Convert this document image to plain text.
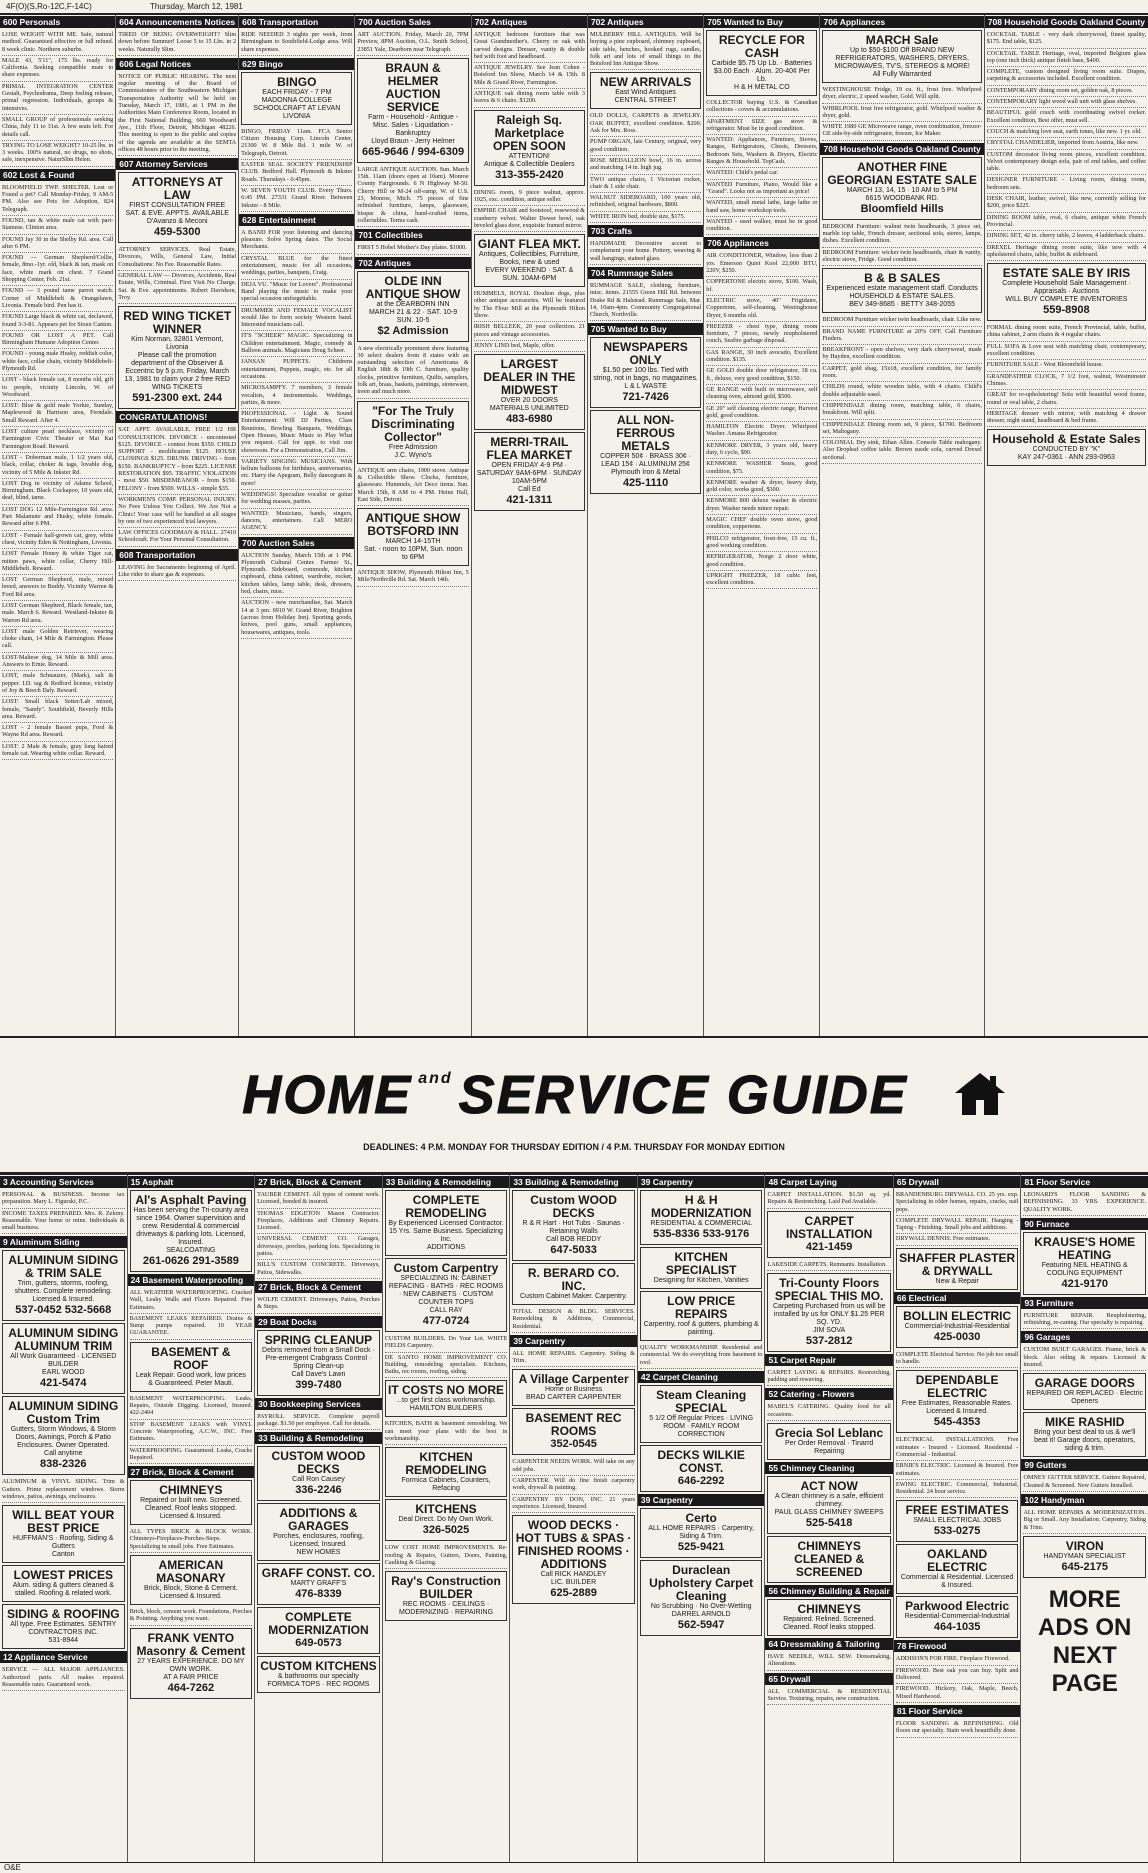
4F(O)(S,Ro-12C,F-14C)	Thursday, March 12, 1981
600 Personals
LOSE WEIGHT WITH ME. Safe, natural method. Guaranteed effective or full refund. 8 week clinic. Northern suburbs.
MALE 43, 5'11", 175 lbs. ready for California. Seeking compatible mate to share expenses.
PRIMAL INTEGRATION CENTER Gestalt, Psychodrama, Deep feeling release, primal regression. Individuals, groups & intensives.
SMALL GROUP of professionals seeking China, July 11 to 31st. A few seats left. For details call.
TRYING TO LOSE WEIGHT? 10-25 lbs. in 3 weeks. 100% natural, no drugs, no shots, safe, inexpensive. NaturSlim Helen.
602 Lost & Found
BLOOMFIELD TWP. SHELTER. Lost or Found a pet? Call Monday-Friday, 9 AM-5 PM. Also see Pets for Adoption, 824 Telegraph.
FOUND, tan & white male cat with part-Siamese. Clinton area.
FOUND Jay 30 in the Shelby Rd. area. Call after 6 PM.
FOUND — German Shepherd/Collie, female, 8mo.-1yr. old, black & tan, mask on face, white mark on chest. 7 Grand Shopping Center, Feb. 21st.
FOUND — 3 pound tame parrot watch. Corner of Middlebelt & Orangelawn, Livonia. Female bird. Pen has it.
FOUND Large black & white cat, declawed, found 3-3-81. Appears pet for Sioux Canton.
FOUND OR LOST A PET. Call Birmingham Humane Adoption Center.
FOUND - young male Husky, reddish color, white face, collar chain, vicinity Middlebelt-Plymouth Rd.
LOST - black female cat, 8 months old, gift to people, vicinity Lincoln, W. of Woodward.
LOST: Blue & gold male Yorkie, Sunday, Maplewood & Harrison area, Ferndale. Small Reward. After 4.
LOST culture pearl necklace, vicinity of Farmington Civic Theater or Mai Kai Farmington Road. Reward.
LOST - Doberman male, 1 1/2 years old, black, collar, choker & tags, lovable dog, vicinity of 5 Mile & Inkster Rd.
LOST Dog in vicinity of Adams School, Birmingham. Black Cockapoo, 10 years old, deaf, blind, tame.
LOST DOG 12 Mile-Farmington Rd. area. Part Malamute and Husky, white female. Reward after 6 PM.
LOST - Female half-grown cat, grey, white chest, vicinity Eden & Nottingham, Livonia.
LOST Female Honey & white Tiger cat, mitten paws, white collar, Cherry Hill-Middlebelt. Reward.
LOST German Shepherd, male, mixed breed, answers to Buddy. Vicinity Warren & Ford Rd area.
LOST German Shepherd, Black female, tan, male. March 6. Reward. Westland-Inkster & Warren Rd area.
LOST male Golden Retriever, wearing choke chain, 14 Mile & Farmington. Please call.
LOST-Maltese dog, 14 Mile & Mill area. Answers to Ernie. Reward.
LOST, male Schnauzer, (Mark), salt & pepper. I.D. tag & Redford license, vicinity of Joy & Beech Daly. Reward.
LOST: Small black Setter/Lab mixed, female, "Sandy". Southfield, Beverly Hills area. Reward.
LOST - 2 female Basset pups, Ford & Wayne Rd area. Reward.
LOST: 2 Male & female, gray long haired female cat. Wearing white collar. Reward.
604 Announcements Notices
TIRED OF BEING OVERWEIGHT? Slim down before Summer! Loose 5 to 15 Lbs. in 2 weeks. Naturally Slim.
606 Legal Notices
NOTICE OF PUBLIC HEARING. The next regular meeting of the Board of Commissioners of the Southeastern Michigan Transportation Authority will be held on Tuesday, March 17, 1981, at 1 PM in the Authorities Main Conference Room, located in the First National Building, 660 Woodward Ave., 11th Floor, Detroit, Michigan 48226. This meeting is open to the public and copies of the agenda are available at the SEMTA offices 48 hours prior to the meeting.
607 Attorney Services
ATTORNEYS AT LAW
FIRST CONSULTATION FREE SAT. & EVE. APPTS. AVAILABLE
D'Avanzo & Meconi
459-5300
ATTORNEY SERVICES. Real Estate, Divorces, Wills, General Law, Initial Consultations: No Fee. Reasonable Rates.
GENERAL LAW — Divorces, Accidents, Real Estate, Wills, Criminal. First Visit No Charge. Sat. & Eve. appointments. Robert Davidson, Troy.
RED WING TICKET WINNER
Kim Norman, 32801 Vermont, Livonia
Please call the promotion department of the Observer & Eccentric by 5 p.m. Friday, March 13, 1981 to claim your 2 free RED WING TICKETS
591-2300 ext. 244
CONGRATULATIONS!
SAT. APPT. AVAILABLE. FREE 1/2 HR CONSULTATION. DIVORCE - uncontested $125. DIVORCE - contest from $350. CHILD SUPPORT - modification $125. HOUSE CLOSINGS $125. DRUNK DRIVING - from $150. BANKRUPTCY - from $225. LICENSE RESTORATION $95. TRAFFIC VIOLATION - most $50. MISDEMEANOR - from $150. FELONY - from $500. WILLS - simple $35.
WORKMEN'S COMP. PERSONAL INJURY. No Fees Unless You Collect. We Are Not a Clinic! Your case will be handled at all stages by one of two experienced trial lawyers.
LAW OFFICES GOODMAN & HALL. 27410 Schoolcraft. For Your Personal Consultation.
608 Transportation
LEAVING for Sacramento beginning of April. Like rider to share gas & expenses.
608 Transportation
RIDE NEEDED 3 nights per week, from Birmingham to Southfield-Lodge area. Will share expenses.
629 Bingo
BINGO
EACH FRIDAY - 7 PM
MADONNA COLLEGE SCHOOLCRAFT AT LEVAN LIVONIA
BINGO, FRIDAY 11am. FCA Senior Citizen Housing Corp. Lincoln Center, 21300 W. 8 Mile Rd. 1 mile W. of Telegraph, Detroit.
EASTER SEAL SOCIETY FRIENDSHIP CLUB. Bedford Hall. Plymouth & Inkster Roads. Thursdays - 6:45pm.
W. SEVEN YOUTH CLUB. Every Thurs. 6:45 PM. 27331 Grand River. Between Inkster - 8 Mile.
628 Entertainment
A BAND FOR your listening and dancing pleasure. Solve Spring dates. The Social Merchants.
CRYSTAL BLUE for the finest entertainment, music for all occasions, weddings, parties, banquets, Craig.
DEJA VU. "Music for Lovers". Professional Band playing the music to make your special occasion unforgettable.
DRUMMER AND FEMALE VOCALIST would like to form society Western band. Interested musicians call.
IT'S "SCHEER" MAGIC. Specializing in Children entertainment. Magic, comedy & Balloon animals. Magicians Doug Scheer.
JANSAN PUPPETS. Childrens entertainment, Puppets, magic, etc. for all occasions.
MICROSAMPFY. 7 members, 3 female vocalists, 4 instrumentals. Weddings, parties, & more.
PROFESSIONAL - Light & Sound Entertainment. Will DJ Parties, Class Reunions, Bowling Banquets, Weddings, Open Houses, Music Music to Play What you request. Call for appt. to visit our showroom. For a Demonstration, Call Jim.
VARIETY SINGING MUSICIANS. With helium balloons for birthdays, anniversaries, etc. Harry the Apegram, Belly dancegram & more!
WEDDINGS! Specialize vocalist or guitar for wedding masses, parties.
WANTED: Musicians, bands, singers, dancers, entertainers. Call MERO AGENCY.
700 Auction Sales
AUCTION Sunday, March 15th at 1 PM. Plymouth Cultural Center. Farmer St., Plymouth. Sideboard, commode, kitchen cupboard, china cabinet, wardrobe, rocker, kitchen tables, lamp table, desk, dressers, bed, chairs, misc.
AUCTION - new merchandise, Sat. March 14 at 3 pm. 6910 W. Grand River, Brighton (across from Holiday Inn). Sporting goods, knives, pool guns, small appliances, housewares, antiques, tools.
700 Auction Sales
ART AUCTION. Friday, March 20, 7PM Preview, 8PM Auction, O.L. Smith School, 23851 Yale, Dearborn near Telegraph.
BRAUN & HELMER AUCTION SERVICE
Farm - Household - Antique - Misc. Sales - Liquidation - Bankruptcy
Lloyd Braun - Jerry Helmer
665-9646 / 994-6309
LARGE ANTIQUE AUCTION. Sun. March 15th. 11am (doors open at 10am). Monroe County Fairgrounds. 6 N Highway M-50. Cherry Hill or M-24 off-ramp, W. of U.S. 23, Monroe, Mich. 75 pieces of fine refinished furniture, lamps, glassware, bisque & china, hand-crafted items, collectables. Terms cash.
701 Collectibles
FIRST 5 Hobel Mother's Day plates. $1000.
702 Antiques
OLDE INN ANTIQUE SHOW
at the DEARBORN INN
MARCH 21 & 22 · SAT. 10-9 SUN. 10-5
$2 Admission
A new electrically prominent show featuring 30 select dealers from 8 states with an outstanding selection of Americana & English 18th & 19th C. furniture, quality clocks, primitive furniture, Quilts, samplers, folk art, brass, baskets, paintings, stoneware, treen and much more.
"For The Truly Discriminating Collector"
Free Admission
J.C. Wyno's
ANTIQUE arm chairs, 1900 stove. Antique & Collectible Show. Clocks, furniture, glassware. Hummels, Art Deco items. Sun. March 15th, 8 AM to 4 PM. Heinz Hall, East Side, Detroit.
ANTIQUE SHOW BOTSFORD INN
MARCH 14-15TH
Sat. - noon to 10PM, Sun. noon to 6PM
ANTIQUE SHOW, Plymouth Hilton Inn, 5 Mile/Northville Rd. Sat. March 14th.
702 Antiques
ANTIQUE bedroom furniture that was Great Grandmother's. Cherry or oak with carved designs. Dresser, vanity & double bed with foot and headboard.
ANTIQUE JEWELRY. See Jean Cohen - Botsford Inn Show, March 14 & 15th. 8 Mile & Grand River, Farmington.
ANTIQUE oak dining room table with 3 leaves & 6 chairs. $1200.
Raleigh Sq. Marketplace OPEN SOON
ATTENTION!
Antique & Collectible Dealers
313-355-2420
DINING room, 9 piece walnut, approx. 1925, exc. condition, antique seller.
EMPIRE CHAIR and footstool, rosewood & cranberry velvet. Walter Dower bowl, oak beveled glass door, exquisite framed mirror.
GIANT FLEA MKT.
Antiques, Collectibles, Furniture, Books, new & used
EVERY WEEKEND · SAT. & SUN. 10AM-6PM
HUMMELS, ROYAL Doulton dogs, plus other antique accessories. Will be featured by The Flour Mill at the Plymouth Hilton Show.
IRISH BELLEEK, 20 year collection. 21 pieces and vintage accessories.
JENNY LIND bed, Maple, offer.
LARGEST DEALER IN THE MIDWEST
OVER 20 DOORS
MATERIALS UNLIMITED
483-6980
MERRI-TRAIL FLEA MARKET
OPEN FRIDAY 4-9 PM · SATURDAY 9AM-6PM · SUNDAY 10AM-5PM
Call Ed
421-1311
702 Antiques
MULBERRY HILL ANTIQUES. Will be buying a pine cupboard, chimney cupboard, side table, benches, hooked rugs, candles, folk art and lots of small things to the Botsford Inn Antique Show.
NEW ARRIVALS
East Wind Antiques
CENTRAL STREET
OLD DOLLS, CARPETS & JEWELRY. OAK BUFFET, excellent condition. $200. Ask for Mrs. Ross.
PUMP ORGAN, late Century, original, very good condition.
ROSE MEDALLION bowl, 16 in. across and matching 14 in. high jug.
TWO antique chairs, 1 Victorian rocker, chair & 1 side chair.
WALNUT SIDEBOARD, 100 years old, refinished, original hardware, $800.
WHITE IRON bed, double size, $175.
703 Crafts
HANDMADE Decorative accent to complement your home. Pottery, weaving & wall hangings, stained glass.
704 Rummage Sales
RUMMAGE SALE, clothing, furniture, misc. items. 21555 Green Hill Rd. between Drake Rd & Halstead. Rummage Sale, Mar. 14, 10am-4pm. Community Congregational Church, Northville.
705 Wanted to Buy
NEWSPAPERS ONLY
$1.50 per 100 lbs. Tied with string, not in bags, no magazines.
L & L WASTE
721-7426
ALL NON-FERROUS METALS
COPPER 50¢ · BRASS 30¢ · LEAD 15¢ · ALUMINUM 25¢
Plymouth Iron & Metal
425-1110
705 Wanted to Buy
RECYCLE FOR CASH
Carbide $5.75 Up Lb. · Batteries $3.00 Each · Alum. 20-40¢ Per Lb.
H & H METAL CO
COLLECTOR buying U.S. & Canadian collections - covers & accumulations.
APARTMENT SIZE gas stove & refrigerator. Must be in good condition.
WANTED: Appliances, Furniture, Stoves, Ranges, Refrigerators, Chests, Dressers, Bedroom Sets, Washers & Dryers, Electric Ranges & Household. TopCash.
WANTED: Child's pedal car.
WANTED Furniture, Piano, Would like a "Grand". Looks not as important as price!
WANTED, small metal lathe, large lathe or band saw, home workshop tools.
WANTED - used walker, must be in good condition.
706 Appliances
AIR CONDITIONER, Window, less than 2 yrs. Emerson Quiet Kool 22,000 BTU, 220V, $250.
COPPERTONE electric stove, $100. Wash, bf.
ELECTRIC stove, 40" Frigidaire, Coppertone, self-cleaning, Westinghouse Dryer, 6 months old.
FREEZER - chest type, dining room furniture, 7 pieces, newly reupholstered couch, Seafire garbage disposal.
GAS RANGE, 30 inch avocado, Excellent condition. $135.
GE GOLD double door refrigerator, 18 cu. ft., deluxe, very good condition, $150.
GE RANGE with built in microwave, self cleaning oven, almond gold, $500.
GE 20" self cleaning electric range, Harvest gold, good condition.
HAMILTON Electric Dryer. Whirlpool Washer. Amana Refrigerator.
KENMORE DRYER, 3 years old, heavy duty, 6 cycle, $90.
KENMORE WASHER Sears, good condition, $75.
KENMORE washer & dryer, heavy duty, gold color, works good, $300.
KENMORE 800 deluxe washer & electric dryer. Washer needs minor repair.
MAGIC CHEF double oven stove, good condition, coppertone.
PHILCO refrigerator, frost-free, 15 cu. ft., good working condition.
REFRIGERATOR, Norge 2 door white, good condition.
UPRIGHT FREEZER, 18 cubic feet, excellent condition.
706 Appliances
MARCH Sale
Up to $50-$100 Off BRAND NEW REFRIGERATORS, WASHERS, DRYERS, MICROWAVES, TV'S, STEREOS & MORE!
All Fully Warranted
WESTINGHOUSE Fridge, 19 cu. ft., frost free. Whirlpool dryer, electric, 2 speed washer, Gold. Will split.
WHIRLPOOL frost free refrigerator, gold. Whirlpool washer & dryer, gold.
WHITE 1980 GE Microwave range, oven combination, freezer-GE side-by-side refrigerator, freezer, Ice Maker.
708 Household Goods Oakland County
ANOTHER FINE GEORGIAN ESTATE SALE
MARCH 13, 14, 15 · 10 AM to 5 PM
6615 WOODBANK RD.
Bloomfield Hills
BEDROOM Furniture: walnut twin headboards, 3 piece set, marble top table, French dresser, sectional sofa, stereo, lamps, dishes. Excellent condition.
BEDROOM Furniture: wicker twin headboards, chair & vanity, electric stove, Fridge. Good condition.
B & B SALES
Experienced estate management staff. Conducts HOUSEHOLD & ESTATE SALES.
BEV 349-8685 · BETTY 348-2055
BEDROOM Furniture wicker twin headboards, chair. Like new.
BRAND NAME FURNITURE at 20% OFF. Call Furniture Finders.
BREAKFRONT - open shelves, very dark cherrywood, made by Hayden, excellent condition.
CARPET, gold shag, 15x18, excellent condition, for family room.
CHILDS round, white wooden table, with 4 chairs. Child's double adjustable easel.
CHIPPENDALE dining room, matching table, 6 chairs, breakfront. Will split.
CHIPPENDALE Dining room set, 9 piece, $1700. Bedroom set, Mahogany.
COLONIAL Dry sink, Ethan Allen. Console Table mahogany. Also Dropleaf coffee table. Brown suede sofa, curved Drexel sectional.
708 Household Goods Oakland County
COCKTAIL TABLE - very dark cherrywood, finest quality, $175. End table, $125.
COCKTAIL TABLE Heritage, oval, imported Belgium glass top (one inch thick) antique finish base, $400.
COMPLETE, custom designed living room suite. Drapes, carpeting & accessories included. Excellent condition.
CONTEMPORARY dining room set, golden oak, 8 pieces.
CONTEMPORARY light wood wall unit with glass shelves.
BEAUTIFUL gold couch with coordinating swivel rocker. Excellent condition, Best offer, must sell.
COUCH & matching love seat, earth tones, like new. 1 yr. old.
CRYSTAL CHANDELIER, imported from Austria, like new.
CUSTOM decorator living room pieces, excellent condition. Velvet contemporary design sofa, pair of end tables, and coffee table.
DESIGNER FURNITURE - Living room, dining room, bedroom sets.
DESK CHAIR, leather, swivel, like new, currently selling for $200, price $225.
DINING ROOM table, oval, 6 chairs, antique white French Provincial.
DINING SET, 42 in. cherry table, 2 leaves, 4 ladderback chairs.
DREXEL Heritage dining room suite, like new with 4 upholstered chairs, table, buffet & sideboard.
ESTATE SALE BY IRIS
Complete Household Sale Management · Appraisals · Auctions
WILL BUY COMPLETE INVENTORIES
559-8908
FORMAL dining room suite, French Provincial, table, buffet, china cabinet, 2 arm chairs & 4 regular chairs.
FULL SOFA & Love seat with matching chair, contemporary, excellent condition.
FURNITURE SALE - West Bloomfield house.
GRANDFATHER CLOCK, 7 1/2 foot, walnut, Westminster Chimes.
GREAT for re-upholstering! Sofa with beautiful wood frame, round or oval table, 2 chairs.
HERITAGE dresser with mirror, with matching 4 drawer dresser, night stand, headboard & bed frame.
Household & Estate Sales
CONDUCTED BY "K"
KAY 247-0361 · ANN 293-0963
HOME and SERVICE GUIDE
DEADLINES: 4 P.M. MONDAY FOR THURSDAY EDITION / 4 P.M. THURSDAY FOR MONDAY EDITION
3 Accounting Services
PERSONAL & BUSINESS. Income tax preparation. Mary L. Figurski, P.C.
INCOME TAXES PREPARED. Mrs. R. Zelony. Reasonable. Your home or mine. Individuals & small business.
9 Aluminum Siding
ALUMINUM SIDING & TRIM SALE
Trim, gutters, storms, roofing, shutters. Complete remodeling. Licensed & Insured.
537-0452 532-5668
ALUMINUM SIDING ALUMINUM TRIM
All Work Guaranteed · LICENSED BUILDER
EARL WOOD
421-5474
ALUMINUM SIDING Custom Trim
Gutters, Storm Windows, & Storm Doors, Awnings, Porch & Patio Enclosures. Owner Operated.
Call anytime
838-2326
ALUMINUM & VINYL SIDING. Trim & Gutters. Prime replacement windows. Storm windows, patios, awnings, enclosures.
WILL BEAT YOUR BEST PRICE
HUFFMAN'S · Roofing, Siding & Gutters
Canton
LOWEST PRICES
Alum. siding & gutters cleaned & stalled. Roofing & related work.
SIDING & ROOFING
All type. Free Estimates. SENTRY CONTRACTORS INC.
531-8944
12 Appliance Service
SERVICE — ALL MAJOR APPLIANCES. Authorized parts. All makes repaired. Reasonable rates. Guaranteed work.
15 Asphalt
Al's Asphalt Paving
Has been serving the Tri-county area since 1964. Owner supervision and crew. Residential & commercial driveways & parking lots. Licensed, Insured.
SEALCOATING
261-0626 291-3589
24 Basement Waterproofing
ALL WEATHER WATERPROOFING. Cracked Wall, Leaky Walls and Floors Repaired. Free Estimates.
BASEMENT LEAKS REPAIRED. Drains & Sump pumps repaired. 10 YEAR GUARANTEE.
BASEMENT & ROOF
Leak Repair. Good work, low prices & Guaranteed. Peter Mauti.
BASEMENT WATERPROOFING. Leaks, Repairs, Outside Digging. Licensed, Insured. 422-2404
STOP BASEMENT LEAKS with VINYL Concrete Waterproofing, A.C.W., INC. Free Estimates.
WATERPROOFING. Guaranteed. Leaks, Cracks Repaired.
27 Brick, Block & Cement
CHIMNEYS
Repaired or built new. Screened. Cleaned. Roof leaks stopped. Licensed & Insured.
ALL TYPES BRICK & BLOCK WORK. Chimneys-Fireplaces-Porches-Steps. Specializing in small jobs. Free Estimates.
AMERICAN MASONARY
Brick, Block, Stone & Cement. Licensed & Insured.
Brick, block, cement work. Foundations, Porches & Pointing. Anything you want.
FRANK VENTO Masonry & Cement
27 YEARS EXPERIENCE. DO MY OWN WORK.
AT A FAIR PRICE
464-7262
27 Brick, Block & Cement
TAUBER CEMENT. All types of cement work. Licensed, bonded & insured.
THOMAS EDGETON Mason Contractor. Fireplaces, Additions and Chimney Repairs. Licensed.
UNIVERSAL CEMENT CO. Garages, driveways, porches, parking lots. Specializing in patios.
BILL'S CUSTOM CONCRETE. Driveways, Patios, Sidewalks.
27 Brick, Block & Cement
WOLFE CEMENT. Driveways, Patios, Porches & Steps.
29 Boat Docks
SPRING CLEANUP
Debris removed from a Small Dock · Pre-emergent Crabgrass Control · Spring Clean-up
Call Dave's Lawn
399-7480
30 Bookkeeping Services
PAYROLL SERVICE. Complete payroll package. $1.50 per employee. Call for details.
33 Building & Remodeling
CUSTOM WOOD DECKS
Call Ron Causey
336-2246
ADDITIONS & GARAGES
Porches, enclosures, roofing, Licensed, Insured.
NEW HOMES
GRAFF CONST. CO.
MARTY GRAFF'S
476-8339
COMPLETE MODERNIZATION
649-0573
CUSTOM KITCHENS
& bathrooms our specialty
FORMICA TOPS · REC ROOMS
33 Building & Remodeling
COMPLETE REMODELING
By Experienced Licensed Contractor. 15 Yrs. Same Business. Specializing Inc.
ADDITIONS
Custom Carpentry
SPECIALIZING IN: CABINET REFACING · BATHS · REC ROOMS · NEW CABINETS · CUSTOM COUNTER TOPS
CALL RAY
477-0724
CUSTOM BUILDERS. Do Your Lot. WHITE FIELDS Carpentry.
DE SANTO HOME IMPROVEMENT CO. Building, remodeling specialists. Kitchens, Baths, rec rooms, roofing, siding.
IT COSTS NO MORE
...to get first class workmanship.
HAMILTON BUILDERS
KITCHEN, BATH & basement remodeling. We can meet your plans with the best in workmanship.
KITCHEN REMODELING
Formica Cabinets, Counters, Refacing
KITCHENS
Deal Direct. Do My Own Work.
326-5025
LOW COST HOME IMPROVEMENTS. Re-roofing & Repairs, Gutters, Doors, Painting, Caulking & Glazing.
Ray's Construction BUILDER
REC ROOMS · CEILINGS · MODERNIZING · REPAIRING
33 Building & Remodeling
Custom WOOD DECKS
R & R Hart · Hot Tubs · Saunas · Retaining Walls
Call BOB REDDY
647-5033
R. BERARD CO. INC.
Custom Cabinet Maker. Carpentry.
TOTAL DESIGN & BLDG. SERVICES. Remodeling & Additions, Commercial, Residential.
39 Carpentry
ALL HOME REPAIRS. Carpentry. Siding & Trim.
A Village Carpenter
Home or Business
BRAD CARTER CARPENTER
BASEMENT REC ROOMS
352-0545
CARPENTER NEEDS WORK. Will take on any odd jobs.
CARPENTER. Will do fine finish carpentry work, drywall & painting.
CARPENTRY BY DON, INC. 21 years experience. Licensed, Insured.
WOOD DECKS · HOT TUBS & SPAS · FINISHED ROOMS · ADDITIONS
Call RICK HANDLEY
LIC. BUILDER
625-2889
39 Carpentry
H & H MODERNIZATION
RESIDENTIAL & COMMERCIAL
535-8336 533-9176
KITCHEN SPECIALIST
Designing for Kitchen, Vanities
LOW PRICE REPAIRS
Carpentry, roof & gutters, plumbing & painting.
QUALITY WORKMANSHIP. Residential and commercial. We do everything from basement to roof.
42 Carpet Cleaning
Steam Cleaning SPECIAL
5 1/2 Off Regular Prices · LIVING ROOM · FAMILY ROOM
CORRECTION
DECKS WILKIE CONST.
646-2292
39 Carpentry
Certo
ALL HOME REPAIRS · Carpentry, Siding & Trim.
525-9421
Duraclean Upholstery Carpet Cleaning
No Scrubbing · No Over-Wetting
DARREL ARNOLD
562-5947
48 Carpet Laying
CARPET INSTALLATION. $1.50 sq. yd. Repairs & Restretching. Laid Pad Available.
CARPET INSTALLATION
421-1459
LAKESIDE CARPETS. Remnants. Installation.
Tri-County Floors SPECIAL THIS MO.
Carpeting Purchased from us will be installed by us for ONLY $1.25 PER SQ. YD.
JIM SOVA
537-2812
51 Carpet Repair
CARPET LAYING & REPAIRS. Restretching, padding and rewaving.
52 Catering - Flowers
MABEL'S CATERING. Quality food for all occasions.
Grecia Sol Leblanc
Per Order Removal · Tinarrd Repairing
55 Chimney Cleaning
ACT NOW
A Clean chimney is a safe, efficient chimney.
PAUL GLASS CHIMNEY SWEEPS
525-5418
CHIMNEYS CLEANED & SCREENED
56 Chimney Building & Repair
CHIMNEYS
Repaired. Relined. Screened. Cleaned. Roof leaks stopped.
64 Dressmaking & Tailoring
HAVE NEEDLE, WILL SEW. Dressmaking, Alterations.
65 Drywall
ALL COMMERCIAL & RESIDENTIAL Service. Texturing, repairs, new construction.
65 Drywall
BRANDENBURG DRYWALL CO. 25 yrs. exp. Specializing in older homes, repairs, cracks, nail pops.
COMPLETE DRYWALL REPAIR. Hanging - Taping - Finishing. Small jobs and additions.
DRYWALL DENNIS. Free estimates.
SHAFFER PLASTER & DRYWALL
New & Repair
66 Electrical
BOLLIN ELECTRIC
Commercial-Industrial-Residential
425-0030
COMPLETE Electrical Service. No job too small to handle.
DEPENDABLE ELECTRIC
Free Estimates, Reasonable Rates. Licensed & Insured.
545-4353
ELECTRICAL INSTALLATIONS. Free estimates - Insured - Licensed. Residential - Commercial - Industrial.
ERNIE'S ELECTRIC. Licensed & Insured. Free estimates.
EWING ELECTRIC. Commercial, Industrial, Residential. 24 hour service.
FREE ESTIMATES
SMALL ELECTRICAL JOBS
533-0275
OAKLAND ELECTRIC
Commercial & Residential. Licensed & Insured.
Parkwood Electric
Residential-Commercial-Industrial
464-1035
78 Firewood
ADDISON'S FOR FIRE. Fireplace Firewood.
FIREWOOD. Best oak you can buy. Split and Delivered.
FIREWOOD. Hickory, Oak, Maple, Beech, Mixed Hardwood.
81 Floor Service
FLOOR SANDING & REFINISHING. Old floors our specialty. Stain work beautifully done.
81 Floor Service
LEONARD'S FLOOR SANDING & REFINISHING. 33 YRS. EXPERIENCE. QUALITY WORK.
90 Furnace
KRAUSE'S HOME HEATING
Featuring NEIL HEATING & COOLING EQUIPMENT
421-9170
93 Furniture
FURNITURE REPAIR. Reupholstering, refinishing, re-caning. Our specialty is repairing.
96 Garages
CUSTOM BUILT GARAGES. Frame, brick & block. Also siding & repairs. Licensed & insured.
GARAGE DOORS
REPAIRED OR REPLACED · Electric Openers
MIKE RASHID
Bring your best deal to us & we'll beat it! Garage doors, operators, siding & trim.
99 Gutters
OMNEY GUTTER SERVICE. Gutters Repaired, Cleaned & Screened. New Gutters Installed.
102 Handyman
ALL HOME REPAIRS & MODERNIZATION. Big or Small. Any Installation. Carpentry, Siding & Trim.
VIRON
HANDYMAN SPECIALIST
645-2175
MORE ADS ON NEXT PAGE
O&E
